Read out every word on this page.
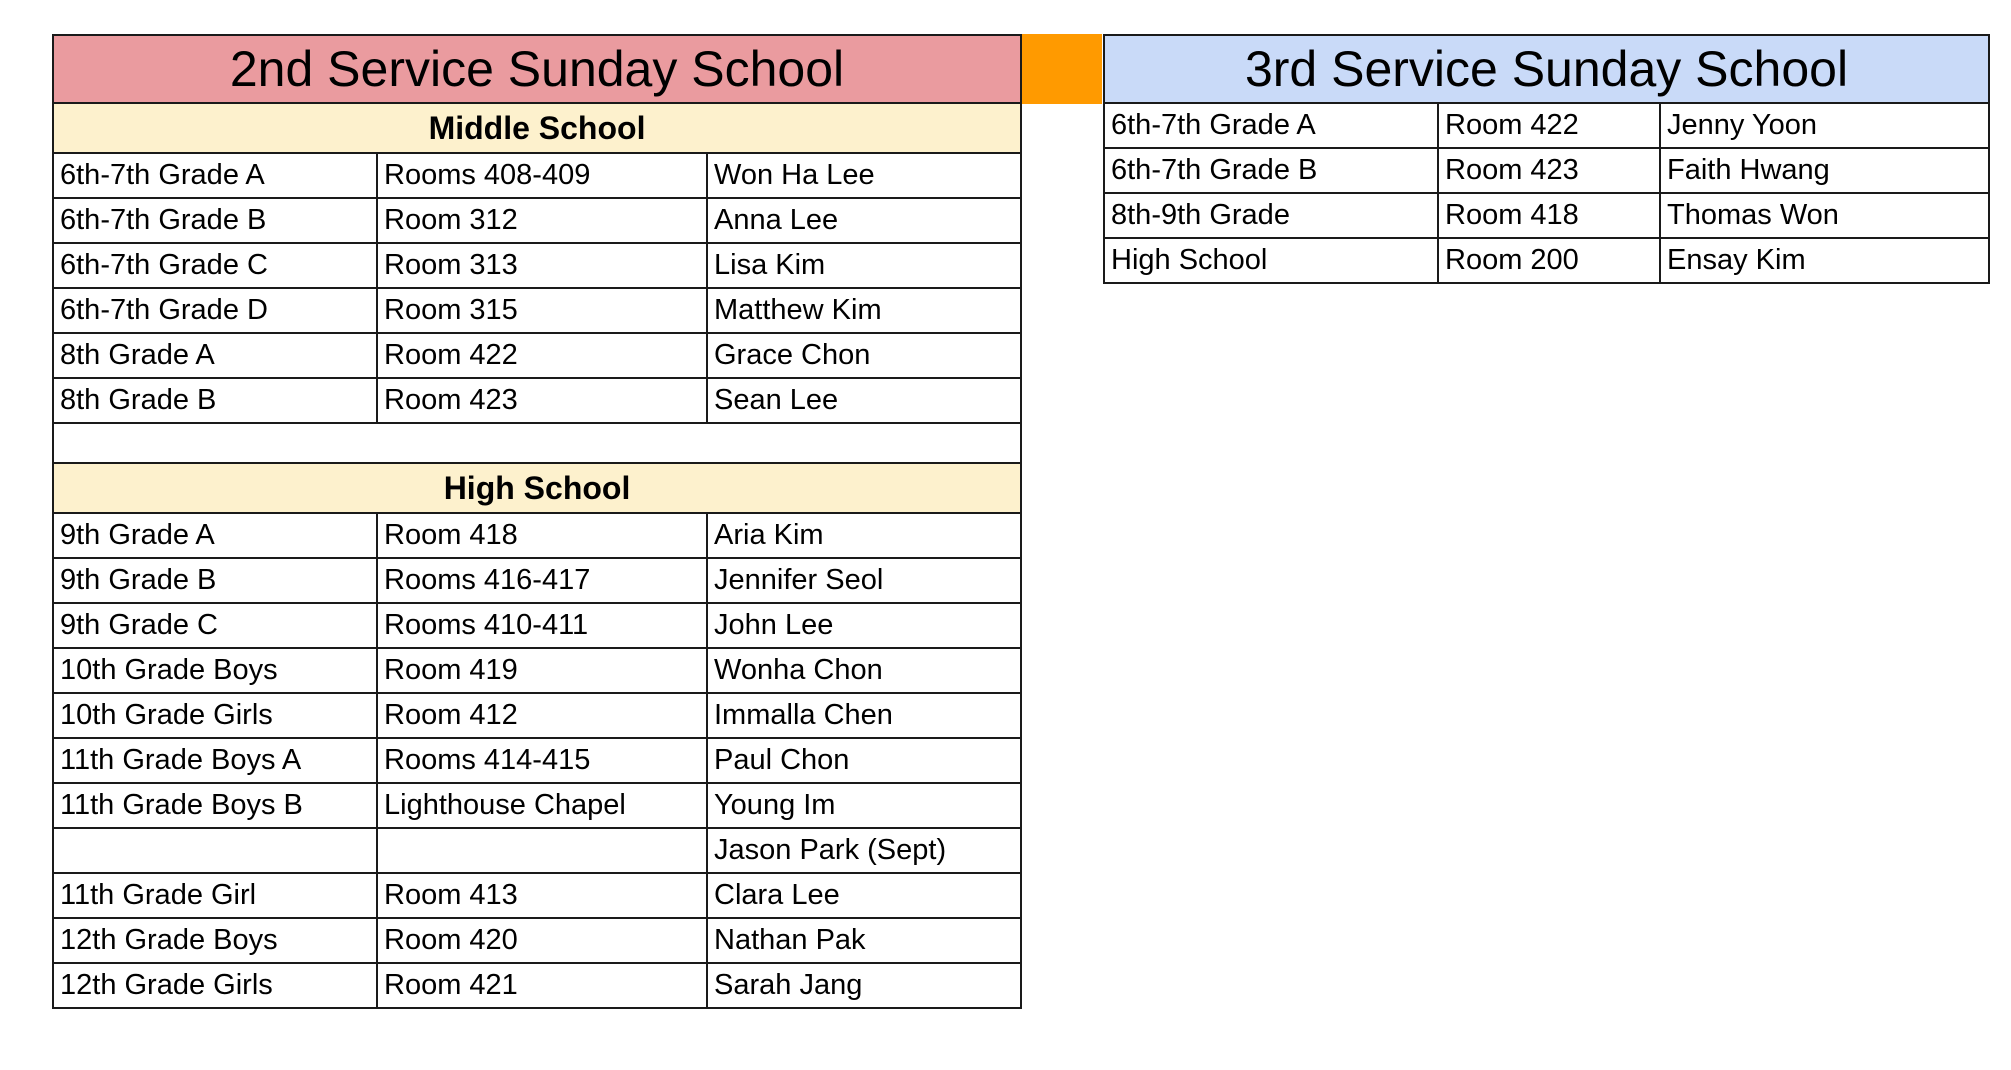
2nd Service Sunday School		
Middle School		
6th-7th Grade A	Rooms 408-409	Won Ha Lee
6th-7th Grade B	Room 312	Anna Lee
6th-7th Grade C	Room 313	Lisa Kim
6th-7th Grade D	Room 315	Matthew Kim
8th Grade A	Room 422	Grace Chon
8th Grade B	Room 423	Sean Lee

High School		
9th Grade A	Room 418	Aria Kim
9th Grade B	Rooms 416-417	Jennifer Seol
9th Grade C	Rooms 410-411	John Lee
10th Grade Boys	Room 419	Wonha Chon
10th Grade Girls	Room 412	Immalla Chen
11th Grade Boys A	Rooms 414-415	Paul Chon
11th Grade Boys B	Lighthouse Chapel	Young Im
		Jason Park (Sept)
11th Grade Girl	Room 413	Clara Lee
12th Grade Boys	Room 420	Nathan Pak
12th Grade Girls	Room 421	Sarah Jang
3rd Service Sunday School		
6th-7th Grade A	Room 422	Jenny Yoon
6th-7th Grade B	Room 423	Faith Hwang
8th-9th Grade	Room 418	Thomas Won
High School	Room 200	Ensay Kim
